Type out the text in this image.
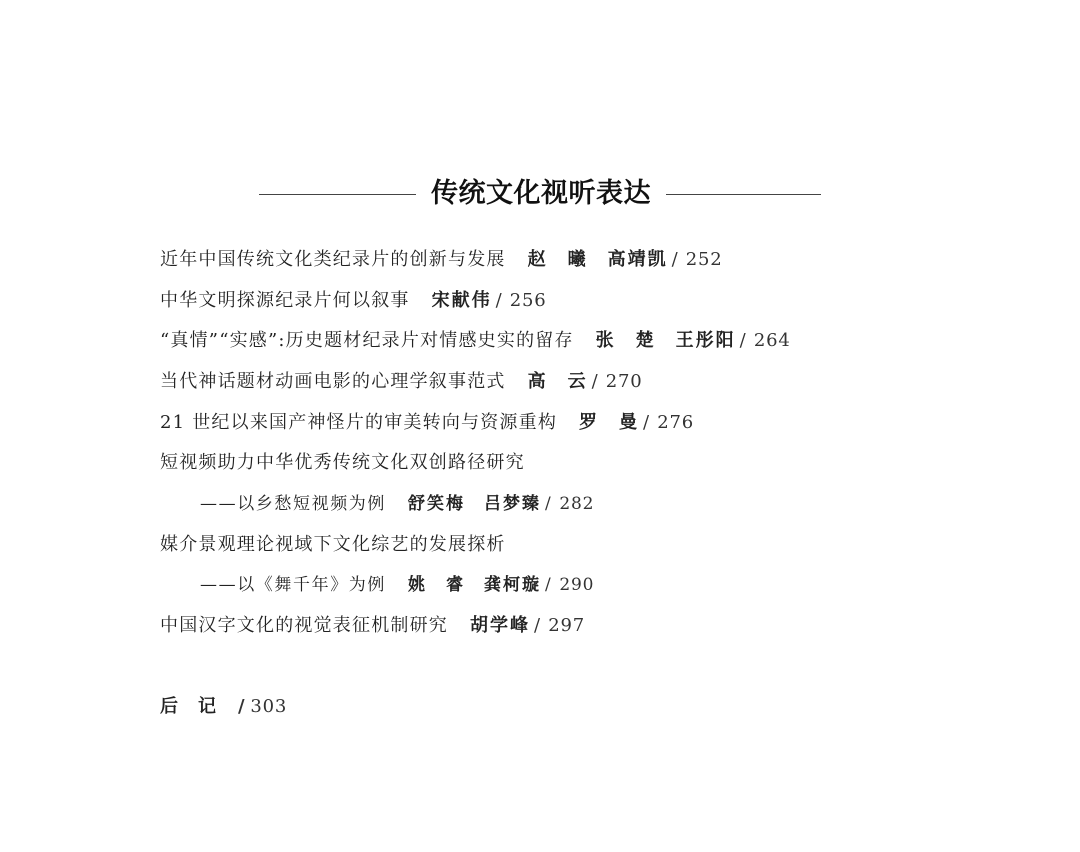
传统文化视听表达
近年中国传统文化类纪录片的创新与发展 赵　曦　高靖凯 / 252
中华文明探源纪录片何以叙事 宋献伟 / 256
“真情”“实感”:历史题材纪录片对情感史实的留存 张　楚　王彤阳 / 264
当代神话题材动画电影的心理学叙事范式 高　云 / 270
21 世纪以来国产神怪片的审美转向与资源重构 罗　曼 / 276
短视频助力中华优秀传统文化双创路径研究
——以乡愁短视频为例 舒笑梅　吕梦臻 / 282
媒介景观理论视域下文化综艺的发展探析
——以《舞千年》为例 姚　睿　龚柯璇 / 290
中国汉字文化的视觉表征机制研究 胡学峰 / 297
后记 / 303
